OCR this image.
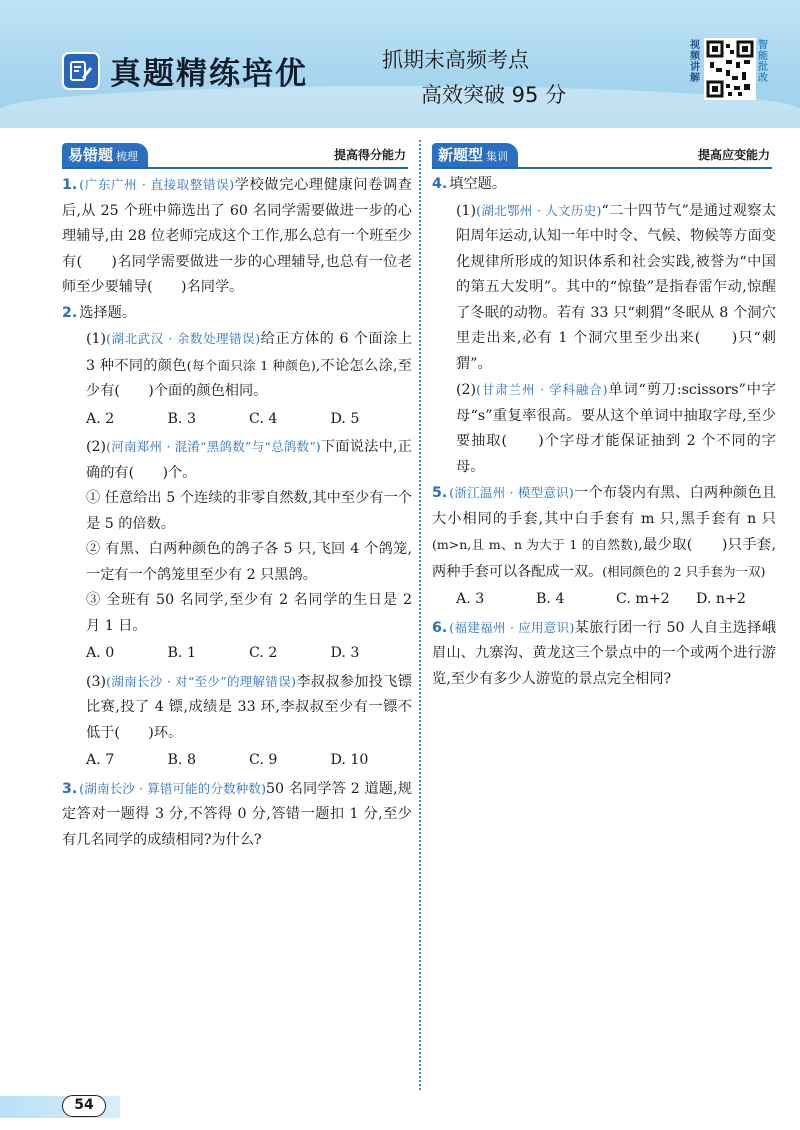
真题精练培优	抓期末高频考点
高效突破 95 分
视频讲解
智能批改
易错题 梳理	提高得分能力	新题型 集训	提高应变能力
1. (广东广州 · 直接取整错误)学校做完心理健康问卷调查后,从 25 个班中筛选出了 60 名同学需要做进一步的心理辅导,由 28 位老师完成这个工作,那么总有一个班至少有(　　)名同学需要做进一步的心理辅导,也总有一位老师至少要辅导(　　)名同学。
2. 选择题。
(1)(湖北武汉 · 余数处理错误)给正方体的 6 个面涂上 3 种不同的颜色(每个面只涂 1 种颜色),不论怎么涂,至少有(　　)个面的颜色相同。
A. 2	B. 3	C. 4	D. 5
(2)(河南郑州 · 混淆“黑鸽数”与“总鸽数”)下面说法中,正确的有(　　)个。
① 任意给出 5 个连续的非零自然数,其中至少有一个是 5 的倍数。
② 有黑、白两种颜色的鸽子各 5 只,飞回 4 个鸽笼,一定有一个鸽笼里至少有 2 只黑鸽。
③ 全班有 50 名同学,至少有 2 名同学的生日是 2 月 1 日。
A. 0	B. 1	C. 2	D. 3
(3)(湖南长沙 · 对“至少”的理解错误)李叔叔参加投飞镖比赛,投了 4 镖,成绩是 33 环,李叔叔至少有一镖不低于(　　)环。
A. 7	B. 8	C. 9	D. 10
3. (湖南长沙 · 算错可能的分数种数)50 名同学答 2 道题,规定答对一题得 3 分,不答得 0 分,答错一题扣 1 分,至少有几名同学的成绩相同?为什么?
4. 填空题。
(1)(湖北鄂州 · 人文历史)“二十四节气”是通过观察太阳周年运动,认知一年中时令、气候、物候等方面变化规律所形成的知识体系和社会实践,被誉为“中国的第五大发明”。其中的“惊蛰”是指春雷乍动,惊醒了冬眠的动物。若有 33 只“刺猬”冬眠从 8 个洞穴里走出来,必有 1 个洞穴里至少出来(　　)只“刺猬”。
(2)(甘肃兰州 · 学科融合)单词“剪刀:scissors”中字母“s”重复率很高。要从这个单词中抽取字母,至少要抽取(　　)个字母才能保证抽到 2 个不同的字母。
5. (浙江温州 · 模型意识)一个布袋内有黑、白两种颜色且大小相同的手套,其中白手套有 m 只,黑手套有 n 只(m>n,且 m、n 为大于 1 的自然数),最少取(　　)只手套,两种手套可以各配成一双。(相同颜色的 2 只手套为一双)
A. 3	B. 4	C. m+2	D. n+2
6. (福建福州 · 应用意识)某旅行团一行 50 人自主选择峨眉山、九寨沟、黄龙这三个景点中的一个或两个进行游览,至少有多少人游览的景点完全相同?
54
